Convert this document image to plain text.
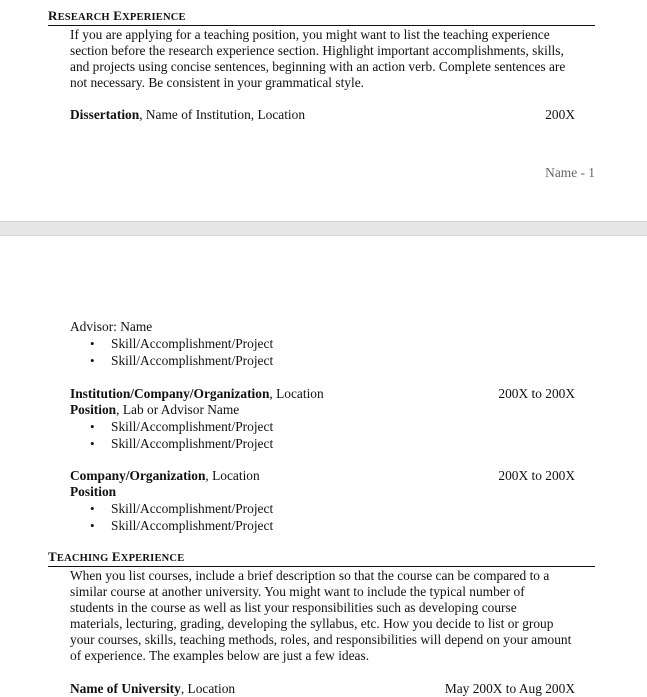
RESEARCH EXPERIENCE
If you are applying for a teaching position, you might want to list the teaching experience
section before the research experience section. Highlight important accomplishments, skills,
and projects using concise sentences, beginning with an action verb. Complete sentences are
not necessary. Be consistent in your grammatical style.
Dissertation, Name of Institution, Location	200X
Name - 1
Advisor: Name
• Skill/Accomplishment/Project
• Skill/Accomplishment/Project
Institution/Company/Organization, Location	200X to 200X
Position, Lab or Advisor Name
• Skill/Accomplishment/Project
• Skill/Accomplishment/Project
Company/Organization, Location	200X to 200X
Position
• Skill/Accomplishment/Project
• Skill/Accomplishment/Project
TEACHING EXPERIENCE
When you list courses, include a brief description so that the course can be compared to a
similar course at another university. You might want to include the typical number of
students in the course as well as list your responsibilities such as developing course
materials, lecturing, grading, developing the syllabus, etc. How you decide to list or group
your courses, skills, teaching methods, roles, and responsibilities will depend on your amount
of experience. The examples below are just a few ideas.
Name of University, Location	May 200X to Aug 200X
